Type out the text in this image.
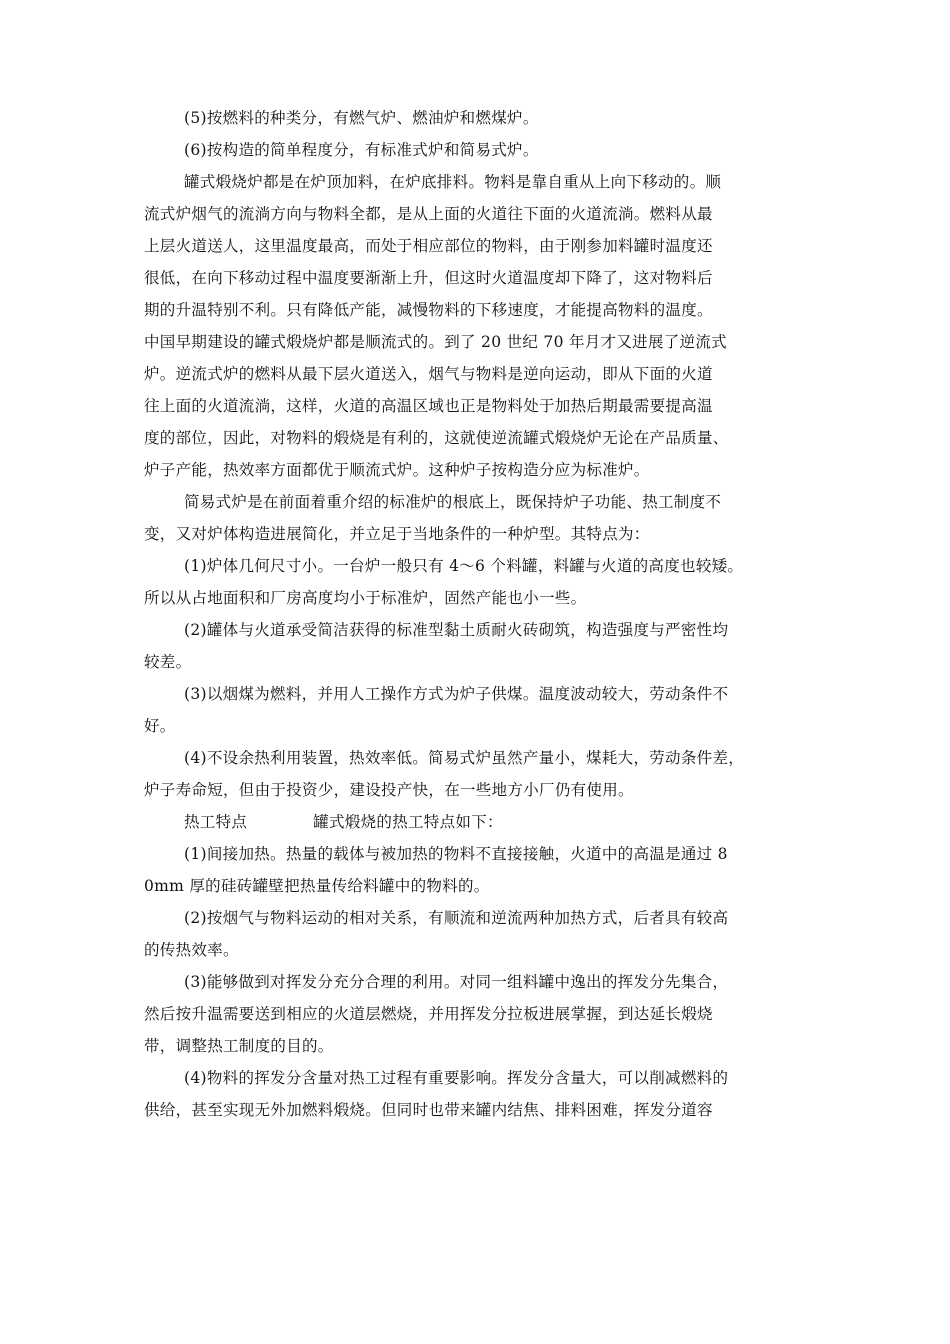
(5)按燃料的种类分，有燃气炉、燃油炉和燃煤炉。
(6)按构造的简单程度分，有标准式炉和简易式炉。
罐式煅烧炉都是在炉顶加料，在炉底排料。物料是靠自重从上向下移动的。顺
流式炉烟气的流淌方向与物料全都，是从上面的火道往下面的火道流淌。燃料从最
上层火道送人，这里温度最高，而处于相应部位的物料，由于刚参加料罐时温度还
很低，在向下移动过程中温度要渐渐上升，但这时火道温度却下降了，这对物料后
期的升温特别不利。只有降低产能，减慢物料的下移速度，才能提高物料的温度。
中国早期建设的罐式煅烧炉都是顺流式的。到了 20 世纪 70 年月才又进展了逆流式
炉。逆流式炉的燃料从最下层火道送入，烟气与物料是逆向运动，即从下面的火道
往上面的火道流淌，这样，火道的高温区域也正是物料处于加热后期最需要提高温
度的部位，因此，对物料的煅烧是有利的，这就使逆流罐式煅烧炉无论在产品质量、
炉子产能，热效率方面都优于顺流式炉。这种炉子按构造分应为标准炉。
简易式炉是在前面着重介绍的标准炉的根底上，既保持炉子功能、热工制度不
变，又对炉体构造进展简化，并立足于当地条件的一种炉型。其特点为：
(1)炉体几何尺寸小。一台炉一般只有 4～6 个料罐，料罐与火道的高度也较矮。
所以从占地面积和厂房高度均小于标准炉，固然产能也小一些。
(2)罐体与火道承受简洁获得的标准型黏土质耐火砖砌筑，构造强度与严密性均
较差。
(3)以烟煤为燃料，并用人工操作方式为炉子供煤。温度波动较大，劳动条件不
好。
(4)不设余热利用装置，热效率低。简易式炉虽然产量小，煤耗大，劳动条件差，
炉子寿命短，但由于投资少，建设投产快，在一些地方小厂仍有使用。
热工特点	罐式煅烧的热工特点如下：
(1)间接加热。热量的载体与被加热的物料不直接接触，火道中的高温是通过 8
0mm 厚的硅砖罐壁把热量传给料罐中的物料的。
(2)按烟气与物料运动的相对关系，有顺流和逆流两种加热方式，后者具有较高
的传热效率。
(3)能够做到对挥发分充分合理的利用。对同一组料罐中逸出的挥发分先集合，
然后按升温需要送到相应的火道层燃烧，并用挥发分拉板进展掌握，到达延长煅烧
带，调整热工制度的目的。
(4)物料的挥发分含量对热工过程有重要影响。挥发分含量大，可以削减燃料的
供给，甚至实现无外加燃料煅烧。但同时也带来罐内结焦、排料困难，挥发分道容
